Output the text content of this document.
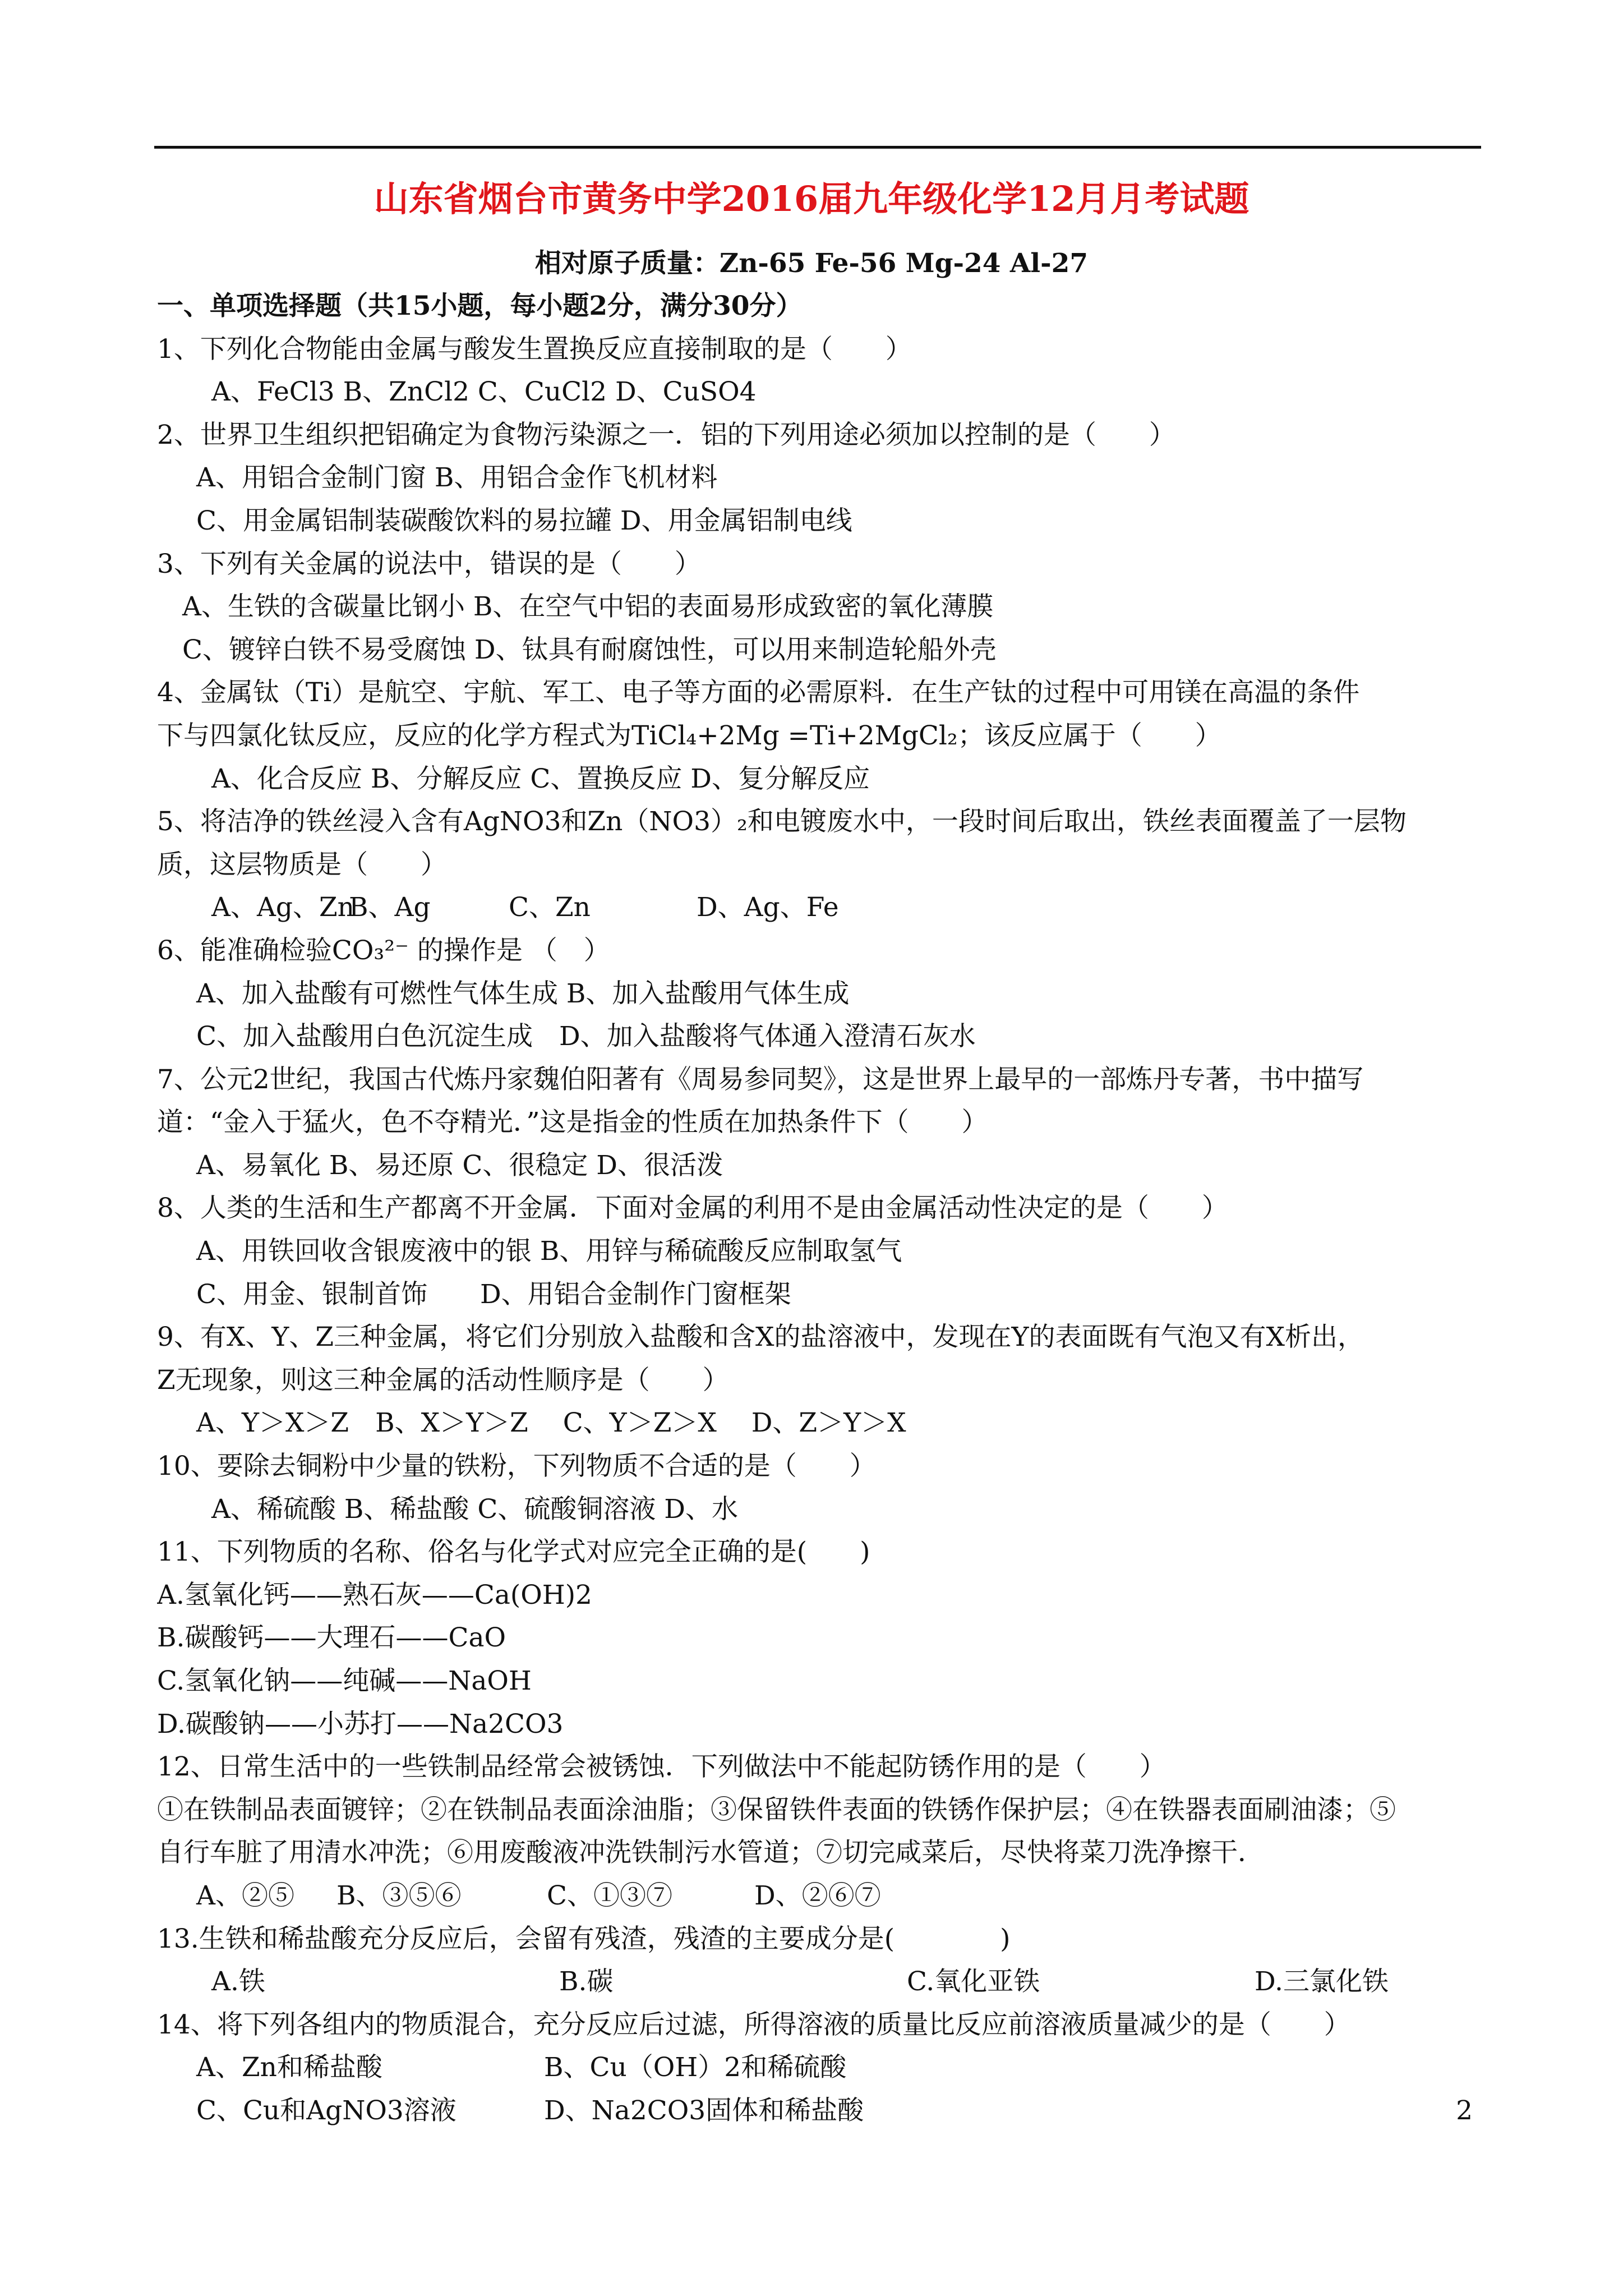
山东省烟台市黄务中学2016届九年级化学12月月考试题
相对原子质量：Zn-65 Fe-56 Mg-24 Al-27
一、单项选择题（共15小题，每小题2分，满分30分）
1、下列化合物能由金属与酸发生置换反应直接制取的是（　　）
A、FeCl3 B、ZnCl2 C、CuCl2 D、CuSO4
2、世界卫生组织把铝确定为食物污染源之一．铝的下列用途必须加以控制的是（　　）
A、用铝合金制门窗 B、用铝合金作飞机材料
C、用金属铝制装碳酸饮料的易拉罐 D、用金属铝制电线
3、下列有关金属的说法中，错误的是（　　）
A、生铁的含碳量比钢小 B、在空气中铝的表面易形成致密的氧化薄膜
C、镀锌白铁不易受腐蚀 D、钛具有耐腐蚀性，可以用来制造轮船外壳
4、金属钛（Ti）是航空、宇航、军工、电子等方面的必需原料．在生产钛的过程中可用镁在高温的条件
下与四氯化钛反应，反应的化学方程式为TiCl₄+2Mg =Ti+2MgCl₂；该反应属于（　　）
A、化合反应 B、分解反应 C、置换反应 D、复分解反应
5、将洁净的铁丝浸入含有AgNO3和Zn（NO3）₂和电镀废水中，一段时间后取出，铁丝表面覆盖了一层物
质，这层物质是（　　）
A、Ag、ZnB、Ag	C、Zn	D、Ag、Fe
6、能准确检验CO₃²⁻ 的操作是 （　）
A、加入盐酸有可燃性气体生成 B、加入盐酸用气体生成
C、加入盐酸用白色沉淀生成　D、加入盐酸将气体通入澄清石灰水
7、公元2世纪，我国古代炼丹家魏伯阳著有《周易参同契》，这是世界上最早的一部炼丹专著，书中描写
道：“金入于猛火，色不夺精光．”这是指金的性质在加热条件下（　　）
A、易氧化 B、易还原 C、很稳定 D、很活泼
8、人类的生活和生产都离不开金属．下面对金属的利用不是由金属活动性决定的是（　　）
A、用铁回收含银废液中的银 B、用锌与稀硫酸反应制取氢气
C、用金、银制首饰　　D、用铝合金制作门窗框架
9、有X、Y、Z三种金属，将它们分别放入盐酸和含X的盐溶液中，发现在Y的表面既有气泡又有X析出，
Z无现象，则这三种金属的活动性顺序是（　　）
A、Y＞X＞Z　B、X＞Y＞Z　 C、Y＞Z＞X　 D、Z＞Y＞X
10、要除去铜粉中少量的铁粉，下列物质不合适的是（　　）
A、稀硫酸 B、稀盐酸 C、硫酸铜溶液 D、水
11、下列物质的名称、俗名与化学式对应完全正确的是(　　)
A.氢氧化钙——熟石灰——Ca(OH)2
B.碳酸钙——大理石——CaO
C.氢氧化钠——纯碱——NaOH
D.碳酸钠——小苏打——Na2CO3
12、日常生活中的一些铁制品经常会被锈蚀．下列做法中不能起防锈作用的是（　　）
①在铁制品表面镀锌；②在铁制品表面涂油脂；③保留铁件表面的铁锈作保护层；④在铁器表面刷油漆；⑤
自行车脏了用清水冲洗；⑥用废酸液冲洗铁制污水管道；⑦切完咸菜后，尽快将菜刀洗净擦干．
A、②⑤ B、③⑤⑥	C、①③⑦	D、②⑥⑦
13.生铁和稀盐酸充分反应后，会留有残渣，残渣的主要成分是(　　　　)
A.铁	B.碳	C.氧化亚铁	D.三氯化铁
14、将下列各组内的物质混合，充分反应后过滤，所得溶液的质量比反应前溶液质量减少的是（　　）
A、Zn和稀盐酸	B、Cu（OH）2和稀硫酸
C、Cu和AgNO3溶液	D、Na2CO3固体和稀盐酸	2
